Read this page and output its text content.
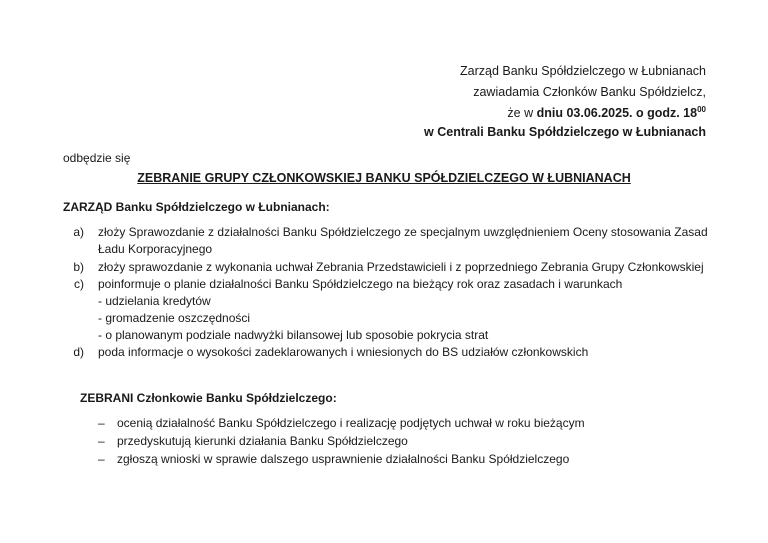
Zarząd Banku Spółdzielczego w Łubnianach
zawiadamia Członków Banku Spółdzielcz,
że w dniu 03.06.2025. o godz. $18^{00}$
w Centrali Banku Spółdzielczego w Łubnianach
odbędzie się
ZEBRANIE GRUPY CZŁONKOWSKIEJ BANKU SPÓŁDZIELCZEGO W ŁUBNIANACH
ZARZĄD Banku Spółdzielczego w Łubnianach:
a) złoży Sprawozdanie z działalności Banku Spółdzielczego ze specjalnym uwzględnieniem Oceny stosowania Zasad
Ładu Korporacyjnego
b) złoży sprawozdanie z wykonania uchwał Zebrania Przedstawicieli i z poprzedniego Zebrania Grupy Członkowskiej
c) poinformuje o planie działalności Banku Spółdzielczego na bieżący rok oraz zasadach i warunkach
- udzielania kredytów
- gromadzenie oszczędności
- o planowanym podziale nadwyżki bilansowej lub sposobie pokrycia strat
d) poda informacje o wysokości zadeklarowanych i wniesionych do BS udziałów członkowskich
ZEBRANI Członkowie Banku Spółdzielczego:
– ocenią działalność Banku Spółdzielczego i realizację podjętych uchwał w roku bieżącym
– przedyskutują kierunki działania Banku Spółdzielczego
– zgłoszą wnioski w sprawie dalszego usprawnienie działalności Banku Spółdzielczego
